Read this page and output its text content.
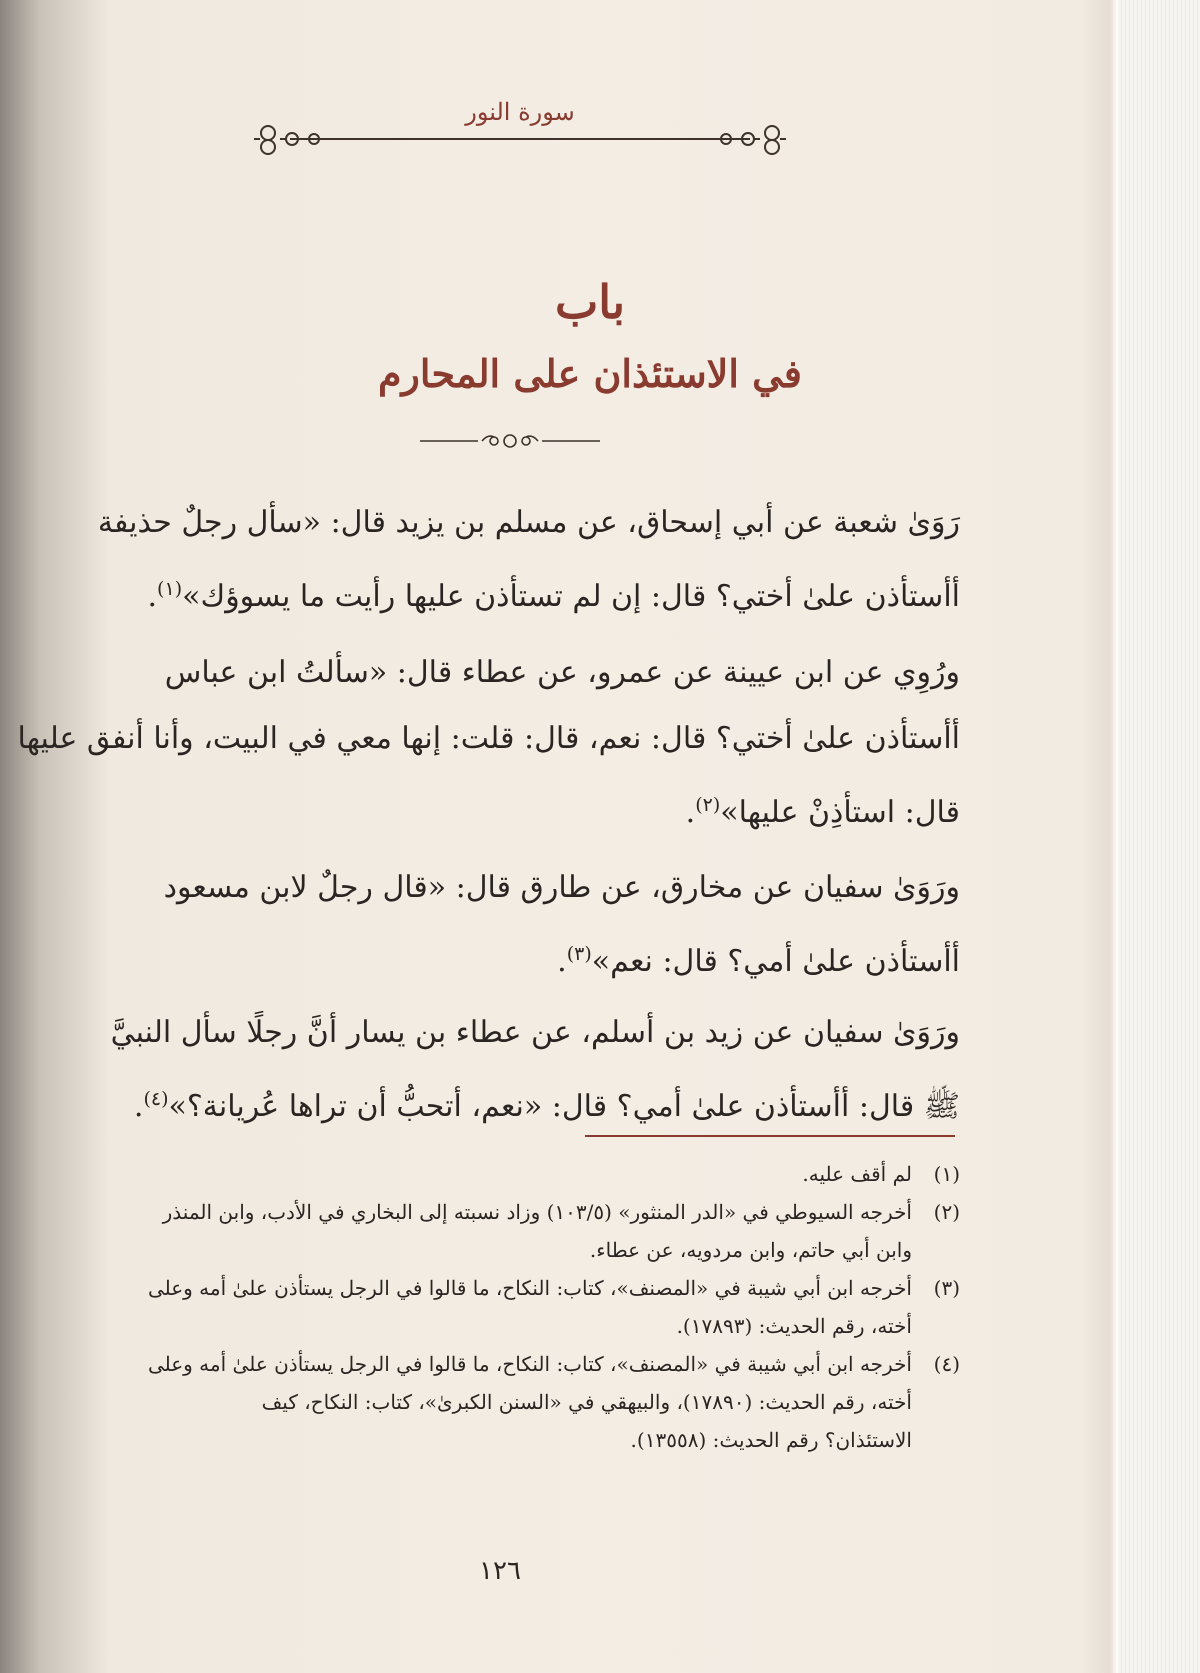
سورة النور
باب
في الاستئذان على المحارم
رَوَىٰ شعبة عن أبي إسحاق، عن مسلم بن يزيد قال: «سأل رجلٌ حذيفة
أأستأذن علىٰ أختي؟ قال: إن لم تستأذن عليها رأيت ما يسوؤك»$^{(١)}$.
ورُوِي عن ابن عيينة عن عمرو، عن عطاء قال: «سألتُ ابن عباس
أأستأذن علىٰ أختي؟ قال: نعم، قال: قلت: إنها معي في البيت، وأنا أنفق عليها
قال: استأذِنْ عليها»$^{(٢)}$.
ورَوَىٰ سفيان عن مخارق، عن طارق قال: «قال رجلٌ لابن مسعود
أأستأذن علىٰ أمي؟ قال: نعم»$^{(٣)}$.
ورَوَىٰ سفيان عن زيد بن أسلم، عن عطاء بن يسار أنَّ رجلًا سأل النبيَّ
ﷺ قال: أأستأذن علىٰ أمي؟ قال: «نعم، أتحبُّ أن تراها عُريانة؟»$^{(٤)}$.
(١)لم أقف عليه.
(٢)أخرجه السيوطي في «الدر المنثور» (١٠٣/٥) وزاد نسبته إلى البخاري في الأدب، وابن المنذر
وابن أبي حاتم، وابن مردويه، عن عطاء.
(٣)أخرجه ابن أبي شيبة في «المصنف»، كتاب: النكاح، ما قالوا في الرجل يستأذن علىٰ أمه وعلى
أخته، رقم الحديث: (١٧٨٩٣).
(٤)أخرجه ابن أبي شيبة في «المصنف»، كتاب: النكاح، ما قالوا في الرجل يستأذن علىٰ أمه وعلى
أخته، رقم الحديث: (١٧٨٩٠)، والبيهقي في «السنن الكبرىٰ»، كتاب: النكاح، كيف
الاستئذان؟ رقم الحديث: (١٣٥٥٨).
١٢٦
